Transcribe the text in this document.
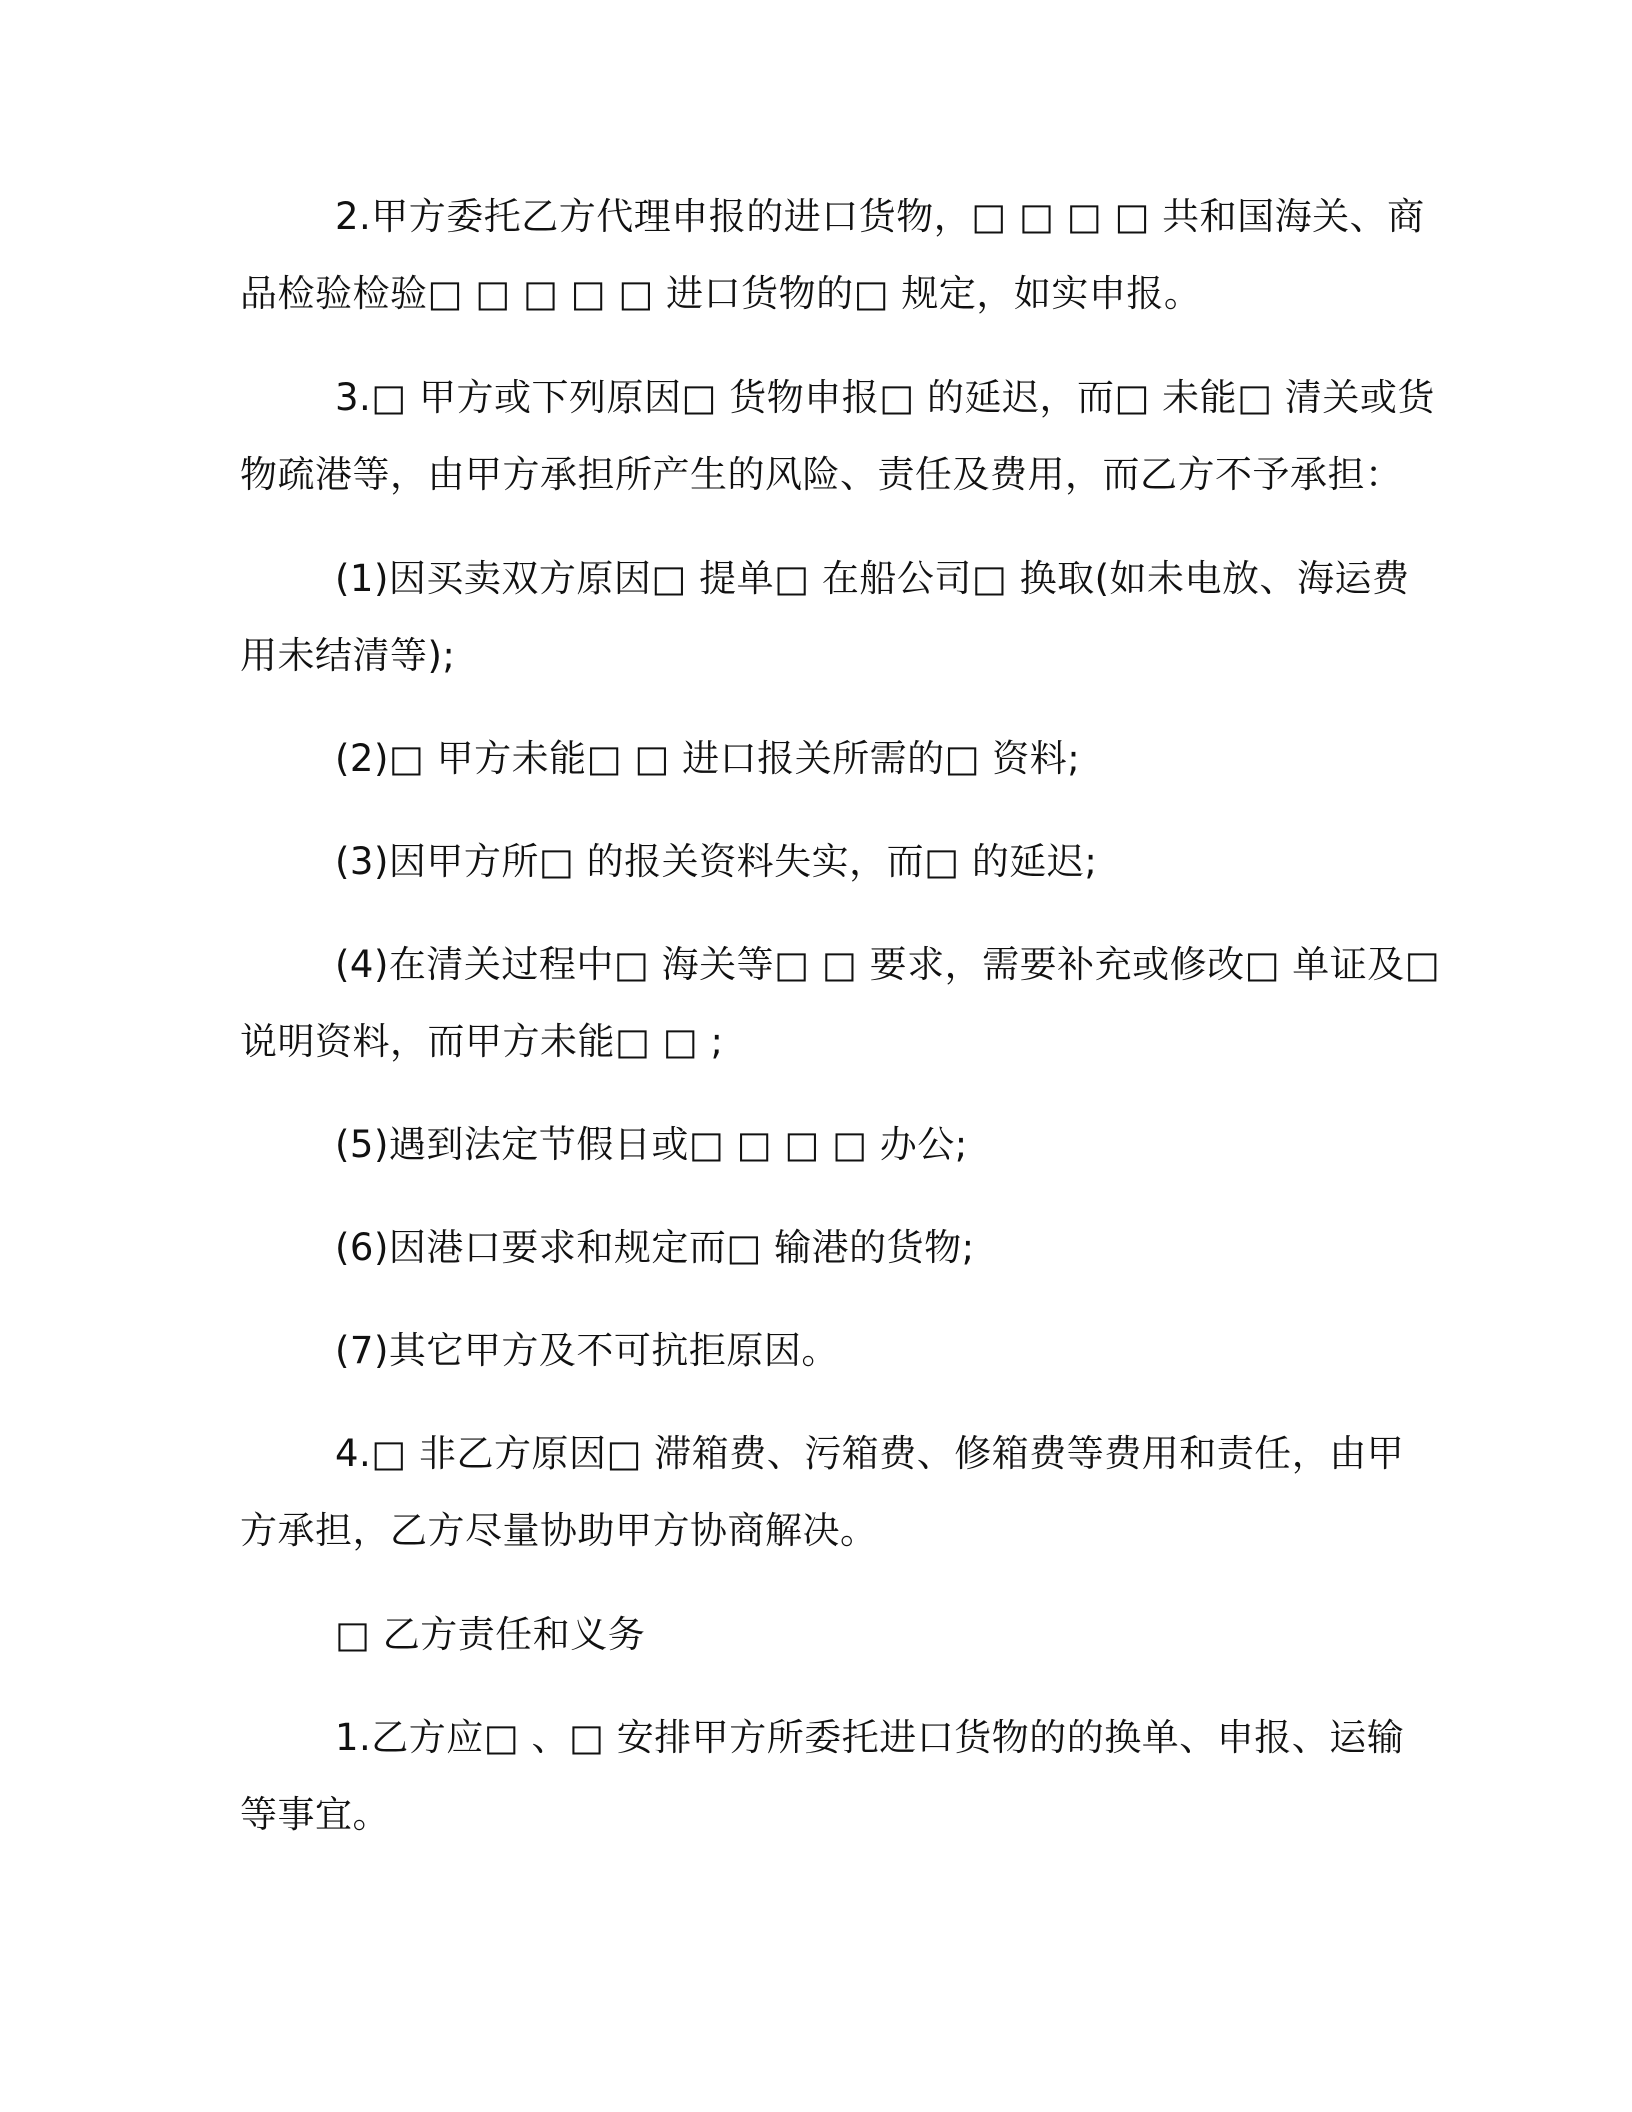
2.甲方委托乙方代理申报的进口货物，□ □ □ □ 共和国海关、商
品检验检验□ □ □ □ □ 进口货物的□ 规定，如实申报。

3.□ 甲方或下列原因□ 货物申报□ 的延迟，而□ 未能□ 清关或货
物疏港等，由甲方承担所产生的风险、责任及费用，而乙方不予承担：

(1)因买卖双方原因□ 提单□ 在船公司□ 换取(如未电放、海运费
用未结清等);

(2)□ 甲方未能□ □ 进口报关所需的□ 资料;

(3)因甲方所□ 的报关资料失实，而□ 的延迟;

(4)在清关过程中□ 海关等□ □ 要求，需要补充或修改□ 单证及□
说明资料，而甲方未能□ □ ;

(5)遇到法定节假日或□ □ □ □ 办公;

(6)因港口要求和规定而□ 输港的货物;

(7)其它甲方及不可抗拒原因。

4.□ 非乙方原因□ 滞箱费、污箱费、修箱费等费用和责任，由甲
方承担，乙方尽量协助甲方协商解决。

□ 乙方责任和义务

1.乙方应□ 、□ 安排甲方所委托进口货物的的换单、申报、运输
等事宜。
